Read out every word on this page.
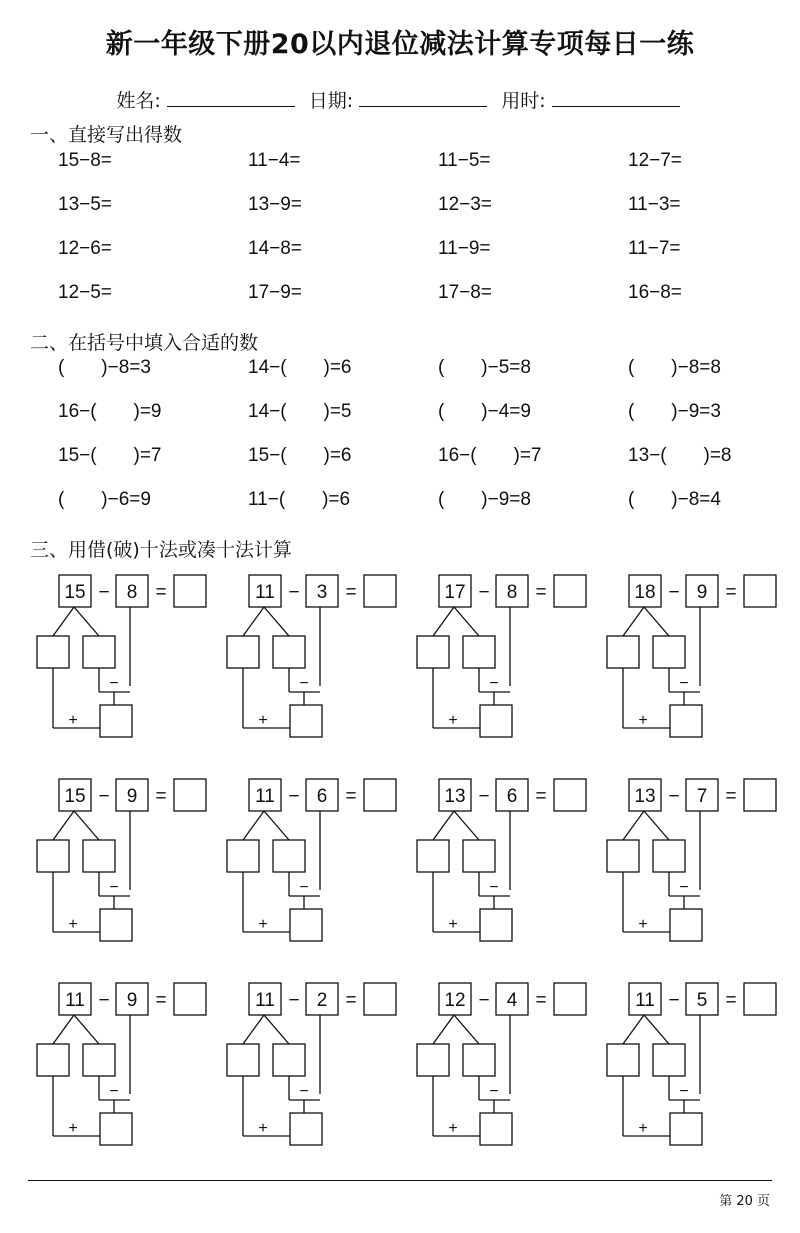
新一年级下册20以内退位减法计算专项每日一练
姓名:	日期:	用时:
一、直接写出得数
15−8=	11−4=	11−5=	12−7=
13−5=	13−9=	12−3=	11−3=
12−6=	14−8=	11−9=	11−7=
12−5=	17−9=	17−8=	16−8=
二、在括号中填入合适的数
(       )−8=3	14−(       )=6	(       )−5=8	(       )−8=8
16−(       )=9	14−(       )=5	(       )−4=9	(       )−9=3
15−(       )=7	15−(       )=6	16−(       )=7	13−(       )=8
(       )−6=9	11−(       )=6	(       )−9=8	(       )−8=4
三、用借(破)十法或凑十法计算
15 8
− =
+
−
11 3
− =
+
−
17 8
− =
+
−
18 9
− =
+
−
15 9
− =
+
−
11 6
− =
+
−
13 6
− =
+
−
13 7
− =
+
−
11 9
− =
+
−
11 2
− =
+
−
12 4
− =
+
−
11 5
− =
+
−
第 20 页
